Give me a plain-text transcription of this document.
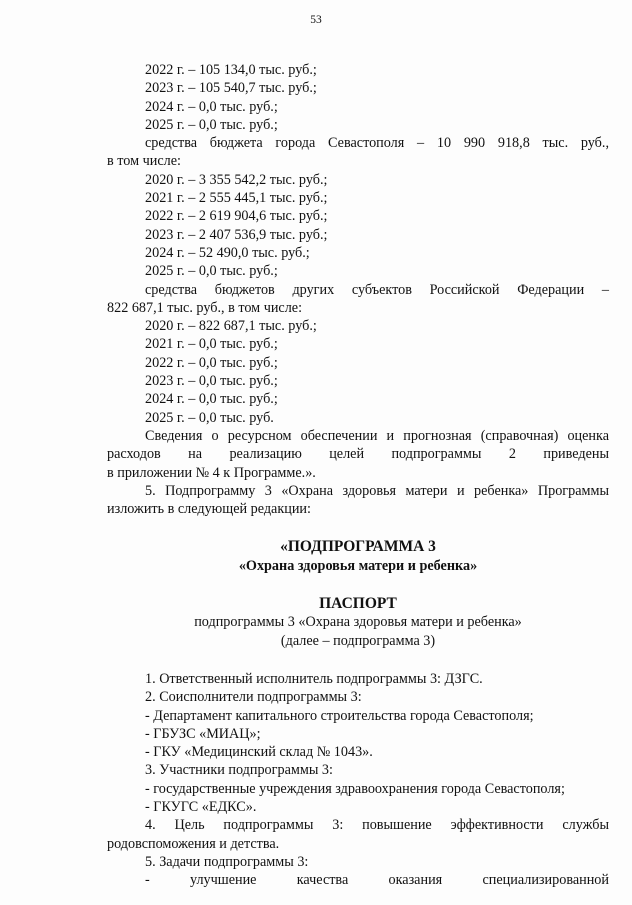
53
2022 г. – 105 134,0 тыс. руб.;
2023 г. – 105 540,7 тыс. руб.;
2024 г. – 0,0 тыс. руб.;
2025 г. – 0,0 тыс. руб.;
средства бюджета города Севастополя – 10 990 918,8 тыс. руб.,
в том числе:
2020 г. – 3 355 542,2 тыс. руб.;
2021 г. – 2 555 445,1 тыс. руб.;
2022 г. – 2 619 904,6 тыс. руб.;
2023 г. – 2 407 536,9 тыс. руб.;
2024 г. – 52 490,0 тыс. руб.;
2025 г. – 0,0 тыс. руб.;
средства бюджетов других субъектов Российской Федерации –
822 687,1 тыс. руб., в том числе:
2020 г. – 822 687,1 тыс. руб.;
2021 г. – 0,0 тыс. руб.;
2022 г. – 0,0 тыс. руб.;
2023 г. – 0,0 тыс. руб.;
2024 г. – 0,0 тыс. руб.;
2025 г. – 0,0 тыс. руб.
Сведения о ресурсном обеспечении и прогнозная (справочная) оценка
расходов на реализацию целей подпрограммы 2 приведены
в приложении № 4 к Программе.».
5. Подпрограмму 3 «Охрана здоровья матери и ребенка» Программы
изложить в следующей редакции:
«ПОДПРОГРАММА 3
«Охрана здоровья матери и ребенка»
ПАСПОРТ
подпрограммы 3 «Охрана здоровья матери и ребенка»
(далее – подпрограмма 3)
1. Ответственный исполнитель подпрограммы 3: ДЗГС.
2. Соисполнители подпрограммы 3:
- Департамент капитального строительства города Севастополя;
- ГБУЗС «МИАЦ»;
- ГКУ «Медицинский склад № 1043».
3. Участники подпрограммы 3:
- государственные учреждения здравоохранения города Севастополя;
- ГКУГС «ЕДКС».
4. Цель подпрограммы 3: повышение эффективности службы
родовспоможения и детства.
5. Задачи подпрограммы 3:
- улучшение качества оказания специализированной
